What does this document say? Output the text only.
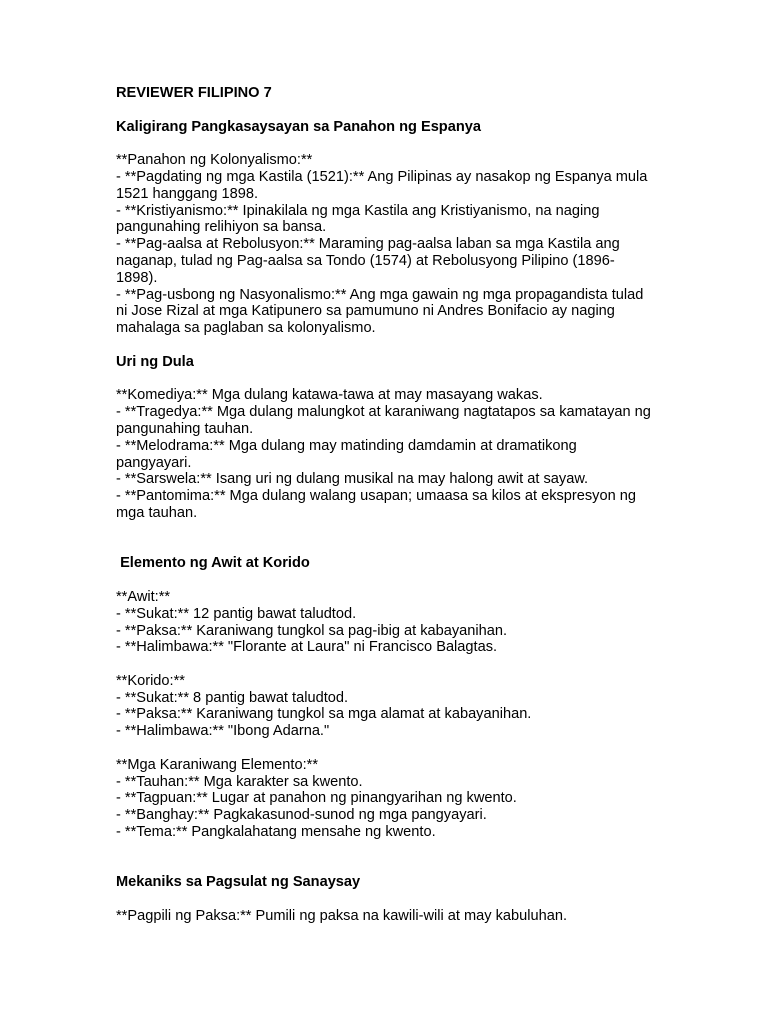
REVIEWER FILIPINO 7

Kaligirang Pangkasaysayan sa Panahon ng Espanya

**Panahon ng Kolonyalismo:**

- **Pagdating ng mga Kastila (1521):** Ang Pilipinas ay nasakop ng Espanya mula 1521 hanggang 1898.

- **Kristiyanismo:** Ipinakilala ng mga Kastila ang Kristiyanismo, na naging pangunahing relihiyon sa bansa.

- **Pag-aalsa at Rebolusyon:** Maraming pag-aalsa laban sa mga Kastila ang naganap, tulad ng Pag-aalsa sa Tondo (1574) at Rebolusyong Pilipino (1896-1898).

- **Pag-usbong ng Nasyonalismo:** Ang mga gawain ng mga propagandista tulad ni Jose Rizal at mga Katipunero sa pamumuno ni Andres Bonifacio ay naging mahalaga sa paglaban sa kolonyalismo.

Uri ng Dula

**Komediya:** Mga dulang katawa-tawa at may masayang wakas.

- **Tragedya:** Mga dulang malungkot at karaniwang nagtatapos sa kamatayan ng pangunahing tauhan.

- **Melodrama:** Mga dulang may matinding damdamin at dramatikong pangyayari.

- **Sarswela:** Isang uri ng dulang musikal na may halong awit at sayaw.

- **Pantomima:** Mga dulang walang usapan; umaasa sa kilos at ekspresyon ng mga tauhan.

Elemento ng Awit at Korido

**Awit:**

- **Sukat:** 12 pantig bawat taludtod.

- **Paksa:** Karaniwang tungkol sa pag-ibig at kabayanihan.

- **Halimbawa:** "Florante at Laura" ni Francisco Balagtas.

**Korido:**

- **Sukat:** 8 pantig bawat taludtod.

- **Paksa:** Karaniwang tungkol sa mga alamat at kabayanihan.

- **Halimbawa:** "Ibong Adarna."

**Mga Karaniwang Elemento:**

- **Tauhan:** Mga karakter sa kwento.

- **Tagpuan:** Lugar at panahon ng pinangyarihan ng kwento.

- **Banghay:** Pagkakasunod-sunod ng mga pangyayari.

- **Tema:** Pangkalahatang mensahe ng kwento.

Mekaniks sa Pagsulat ng Sanaysay

**Pagpili ng Paksa:** Pumili ng paksa na kawili-wili at may kabuluhan.
